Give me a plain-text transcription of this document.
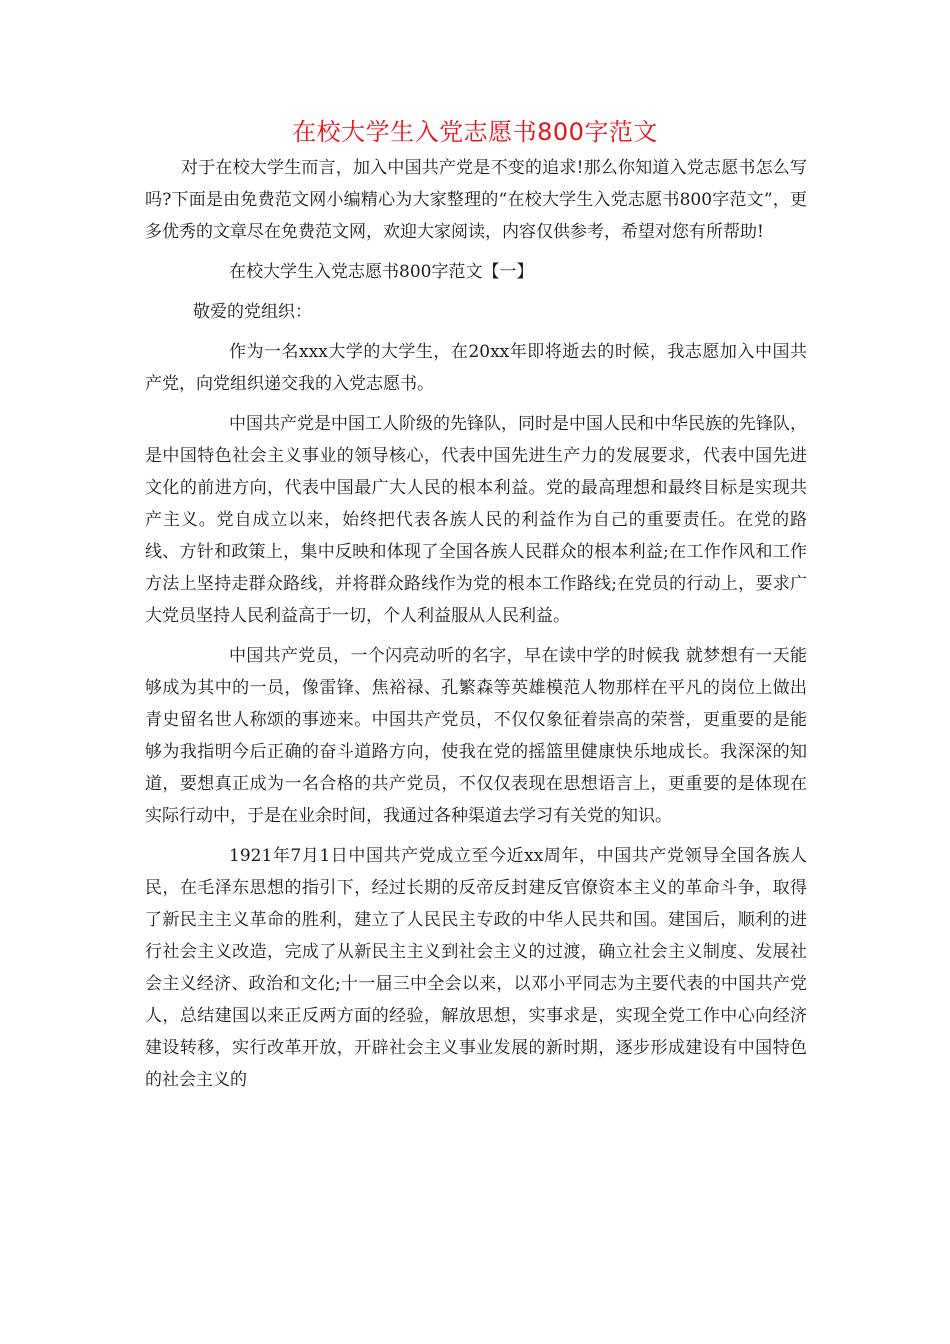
在校大学生入党志愿书800字范文

对于在校大学生而言，加入中国共产党是不变的追求!那么你知道入党志愿书怎么写吗?下面是由免费范文网小编精心为大家整理的“在校大学生入党志愿书800字范文”，更多优秀的文章尽在免费范文网，欢迎大家阅读，内容仅供参考，希望对您有所帮助!

在校大学生入党志愿书800字范文【一】

敬爱的党组织：

作为一名xxx大学的大学生，在20xx年即将逝去的时候，我志愿加入中国共产党，向党组织递交我的入党志愿书。

中国共产党是中国工人阶级的先锋队，同时是中国人民和中华民族的先锋队，是中国特色社会主义事业的领导核心，代表中国先进生产力的发展要求，代表中国先进文化的前进方向，代表中国最广大人民的根本利益。党的最高理想和最终目标是实现共产主义。党自成立以来，始终把代表各族人民的利益作为自己的重要责任。在党的路线、方针和政策上，集中反映和体现了全国各族人民群众的根本利益;在工作作风和工作方法上坚持走群众路线，并将群众路线作为党的根本工作路线;在党员的行动上，要求广大党员坚持人民利益高于一切，个人利益服从人民利益。

中国共产党员，一个闪亮动听的名字，早在读中学的时候我 就梦想有一天能够成为其中的一员，像雷锋、焦裕禄、孔繁森等英雄模范人物那样在平凡的岗位上做出青史留名世人称颂的事迹来。中国共产党员，不仅仅象征着崇高的荣誉，更重要的是能够为我指明今后正确的奋斗道路方向，使我在党的摇篮里健康快乐地成长。我深深的知道，要想真正成为一名合格的共产党员，不仅仅表现在思想语言上，更重要的是体现在实际行动中，于是在业余时间，我通过各种渠道去学习有关党的知识。

1921年7月1日中国共产党成立至今近xx周年，中国共产党领导全国各族人民，在毛泽东思想的指引下，经过长期的反帝反封建反官僚资本主义的革命斗争，取得了新民主主义革命的胜利，建立了人民民主专政的中华人民共和国。建国后，顺利的进行社会主义改造，完成了从新民主主义到社会主义的过渡，确立社会主义制度、发展社会主义经济、政治和文化;十一届三中全会以来，以邓小平同志为主要代表的中国共产党人，总结建国以来正反两方面的经验，解放思想，实事求是，实现全党工作中心向经济建设转移，实行改革开放，开辟社会主义事业发展的新时期，逐步形成建设有中国特色的社会主义的
